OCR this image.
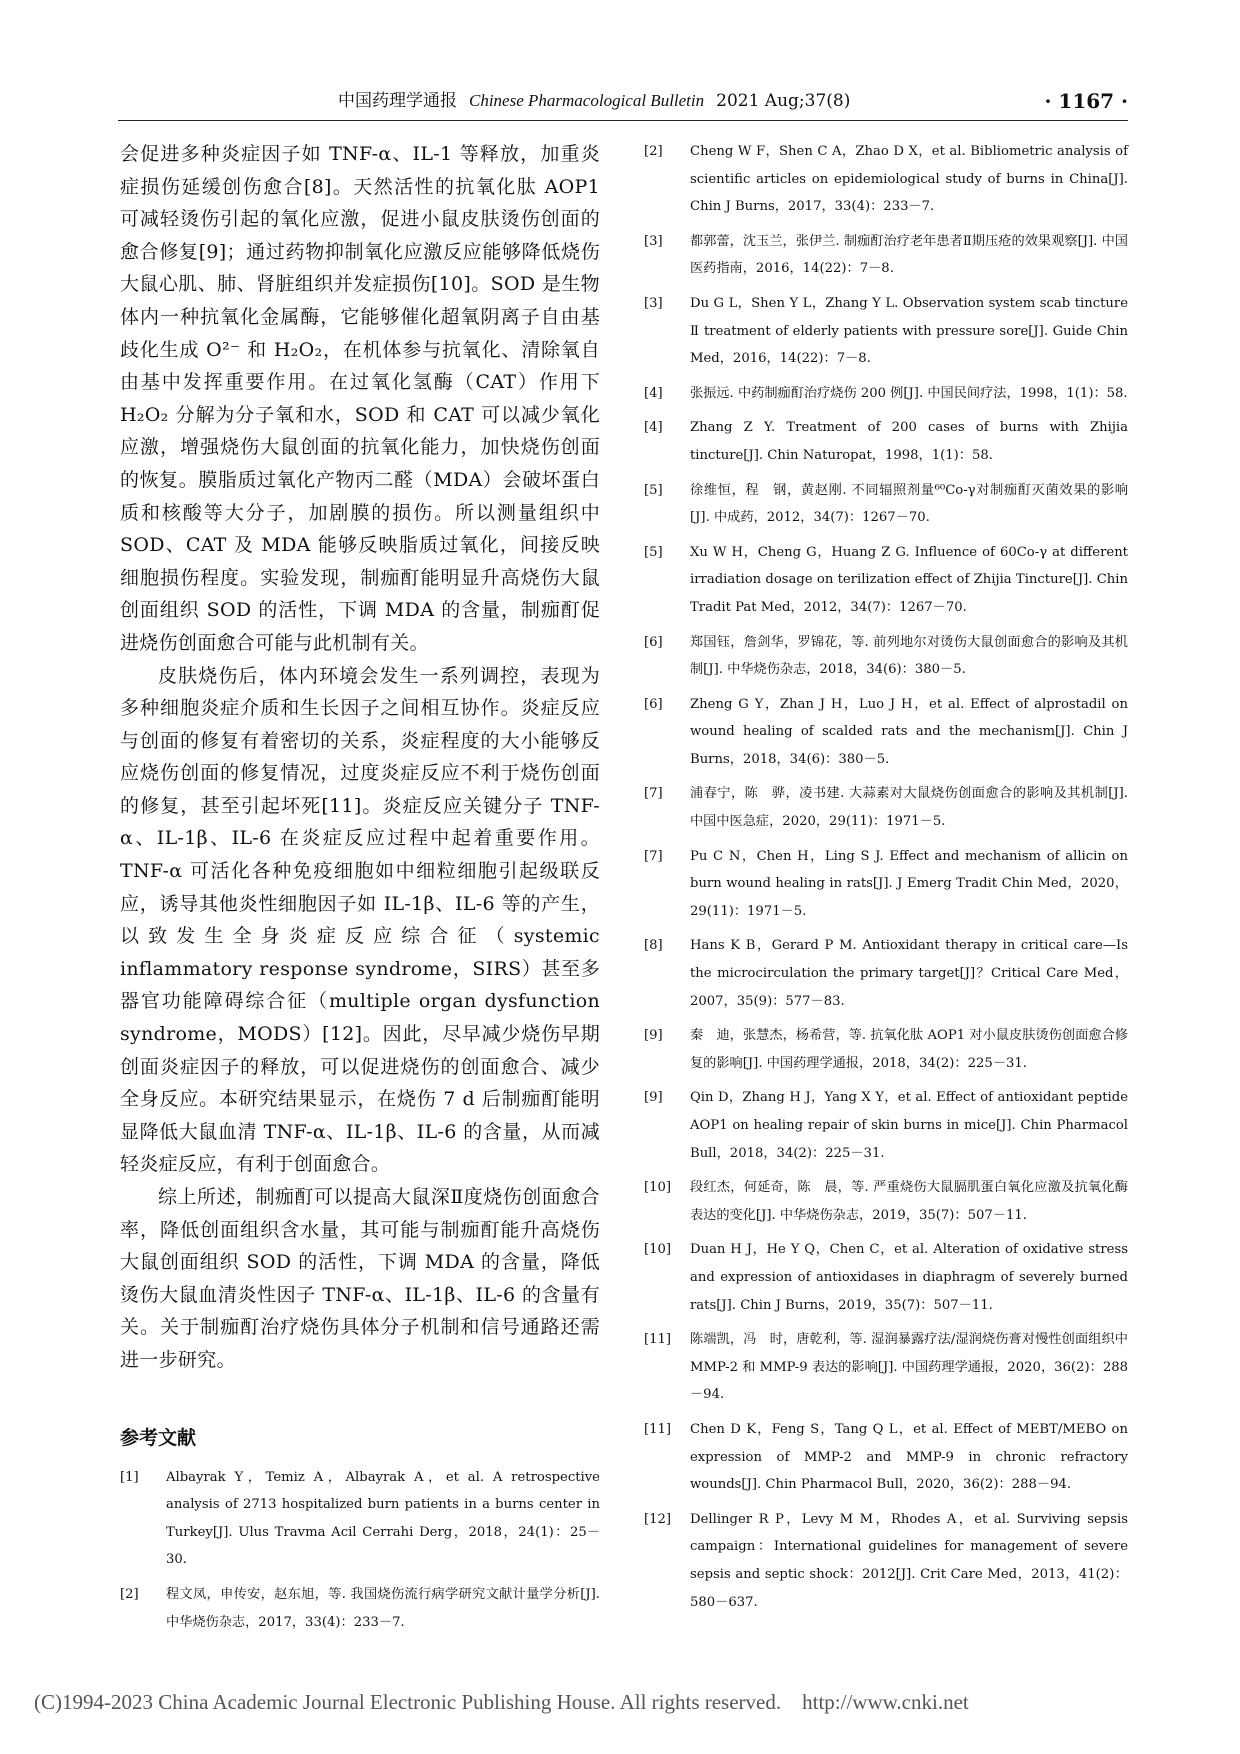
中国药理学通报 Chinese Pharmacological Bulletin 2021 Aug;37(8)	· 1167 ·

会促进多种炎症因子如 TNF-α、IL-1 等释放，加重炎症损伤延缓创伤愈合[8]。天然活性的抗氧化肽 AOP1 可减轻烫伤引起的氧化应激，促进小鼠皮肤烫伤创面的愈合修复[9]；通过药物抑制氧化应激反应能够降低烧伤大鼠心肌、肺、肾脏组织并发症损伤[10]。SOD 是生物体内一种抗氧化金属酶，它能够催化超氧阴离子自由基歧化生成 O²⁻ 和 H₂O₂，在机体参与抗氧化、清除氧自由基中发挥重要作用。在过氧化氢酶（CAT）作用下 H₂O₂ 分解为分子氧和水，SOD 和 CAT 可以减少氧化应激，增强烧伤大鼠创面的抗氧化能力，加快烧伤创面的恢复。膜脂质过氧化产物丙二醛（MDA）会破坏蛋白质和核酸等大分子，加剧膜的损伤。所以测量组织中 SOD、CAT 及 MDA 能够反映脂质过氧化，间接反映细胞损伤程度。实验发现，制痂酊能明显升高烧伤大鼠创面组织 SOD 的活性，下调 MDA 的含量，制痂酊促进烧伤创面愈合可能与此机制有关。

皮肤烧伤后，体内环境会发生一系列调控，表现为多种细胞炎症介质和生长因子之间相互协作。炎症反应与创面的修复有着密切的关系，炎症程度的大小能够反应烧伤创面的修复情况，过度炎症反应不利于烧伤创面的修复，甚至引起坏死[11]。炎症反应关键分子 TNF-α、IL-1β、IL-6 在炎症反应过程中起着重要作用。TNF-α 可活化各种免疫细胞如中细粒细胞引起级联反应，诱导其他炎性细胞因子如 IL-1β、IL-6 等的产生，以致发生全身炎症反应综合征（systemic inflammatory response syndrome，SIRS）甚至多器官功能障碍综合征（multiple organ dysfunction syndrome，MODS）[12]。因此，尽早减少烧伤早期创面炎症因子的释放，可以促进烧伤的创面愈合、减少全身反应。本研究结果显示，在烧伤 7 d 后制痂酊能明显降低大鼠血清 TNF-α、IL-1β、IL-6 的含量，从而减轻炎症反应，有利于创面愈合。

综上所述，制痂酊可以提高大鼠深Ⅱ度烧伤创面愈合率，降低创面组织含水量，其可能与制痂酊能升高烧伤大鼠创面组织 SOD 的活性，下调 MDA 的含量，降低烫伤大鼠血清炎性因子 TNF-α、IL-1β、IL-6 的含量有关。关于制痂酊治疗烧伤具体分子机制和信号通路还需进一步研究。

参考文献
[1] Albayrak Y，Temiz A，Albayrak A，et al. A retrospective analysis of 2713 hospitalized burn patients in a burns center in Turkey[J]. Ulus Travma Acil Cerrahi Derg，2018，24(1)：25－30.
[2] 程文凤，申传安，赵东旭，等. 我国烧伤流行病学研究文献计量学分析[J]. 中华烧伤杂志，2017，33(4)：233－7.
[2] Cheng W F，Shen C A，Zhao D X，et al. Bibliometric analysis of scientific articles on epidemiological study of burns in China[J]. Chin J Burns，2017，33(4)：233－7.
[3] 都郭蕾，沈玉兰，张伊兰. 制痂酊治疗老年患者Ⅱ期压疮的效果观察[J]. 中国医药指南，2016，14(22)：7－8.
[3] Du G L，Shen Y L，Zhang Y L. Observation system scab tincture Ⅱ treatment of elderly patients with pressure sore[J]. Guide Chin Med，2016，14(22)：7－8.
[4] 张振远. 中药制痂酊治疗烧伤 200 例[J]. 中国民间疗法，1998，1(1)：58.
[4] Zhang Z Y. Treatment of 200 cases of burns with Zhijia tincture[J]. Chin Naturopat，1998，1(1)：58.
[5] 徐维恒，程　钢，黄赵刚. 不同辐照剂量⁶⁰Co-γ对制痂酊灭菌效果的影响[J]. 中成药，2012，34(7)：1267－70.
[5] Xu W H，Cheng G，Huang Z G. Influence of 60Co-γ at different irradiation dosage on terilization effect of Zhijia Tincture[J]. Chin Tradit Pat Med，2012，34(7)：1267－70.
[6] 郑国钰，詹剑华，罗锦花，等. 前列地尔对烫伤大鼠创面愈合的影响及其机制[J]. 中华烧伤杂志，2018，34(6)：380－5.
[6] Zheng G Y，Zhan J H，Luo J H，et al. Effect of alprostadil on wound healing of scalded rats and the mechanism[J]. Chin J Burns，2018，34(6)：380－5.
[7] 浦春宁，陈　骅，凌书建. 大蒜素对大鼠烧伤创面愈合的影响及其机制[J]. 中国中医急症，2020，29(11)：1971－5.
[7] Pu C N，Chen H，Ling S J. Effect and mechanism of allicin on burn wound healing in rats[J]. J Emerg Tradit Chin Med，2020，29(11)：1971－5.
[8] Hans K B，Gerard P M. Antioxidant therapy in critical care—Is the microcirculation the primary target[J]？Critical Care Med，2007，35(9)：577－83.
[9] 秦　迪，张慧杰，杨希营，等. 抗氧化肽 AOP1 对小鼠皮肤烫伤创面愈合修复的影响[J]. 中国药理学通报，2018，34(2)：225－31.
[9] Qin D，Zhang H J，Yang X Y，et al. Effect of antioxidant peptide AOP1 on healing repair of skin burns in mice[J]. Chin Pharmacol Bull，2018，34(2)：225－31.
[10] 段红杰，何延奇，陈　晨，等. 严重烧伤大鼠膈肌蛋白氧化应激及抗氧化酶表达的变化[J]. 中华烧伤杂志，2019，35(7)：507－11.
[10] Duan H J，He Y Q，Chen C，et al. Alteration of oxidative stress and expression of antioxidases in diaphragm of severely burned rats[J]. Chin J Burns，2019，35(7)：507－11.
[11] 陈端凯，冯　时，唐乾利，等. 湿润暴露疗法/湿润烧伤膏对慢性创面组织中 MMP-2 和 MMP-9 表达的影响[J]. 中国药理学通报，2020，36(2)：288－94.
[11] Chen D K，Feng S，Tang Q L，et al. Effect of MEBT/MEBO on expression of MMP-2 and MMP-9 in chronic refractory wounds[J]. Chin Pharmacol Bull，2020，36(2)：288－94.
[12] Dellinger R P，Levy M M，Rhodes A，et al. Surviving sepsis campaign：International guidelines for management of severe sepsis and septic shock：2012[J]. Crit Care Med，2013，41(2)：580－637.
(C)1994-2023 China Academic Journal Electronic Publishing House. All rights reserved. http://www.cnki.net
